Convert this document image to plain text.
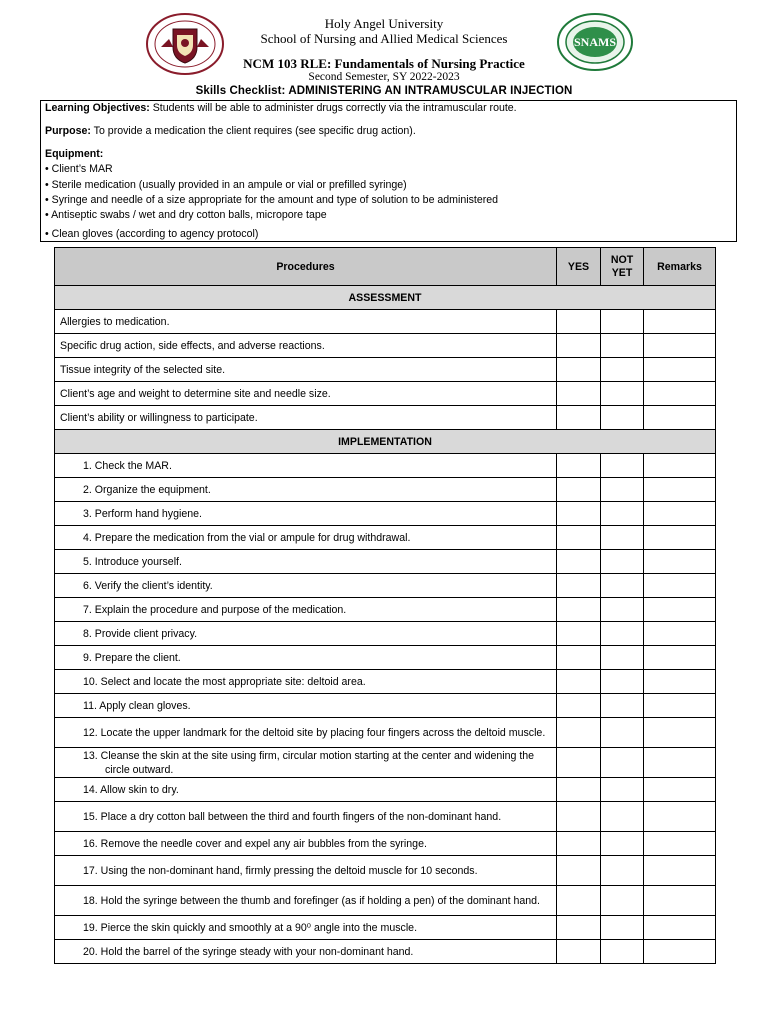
SNAMS
Holy Angel University
School of Nursing and Allied Medical Sciences
NCM 103 RLE: Fundamentals of Nursing Practice
Second Semester, SY 2022-2023
Skills Checklist: ADMINISTERING AN INTRAMUSCULAR INJECTION
Learning Objectives: Students will be able to administer drugs correctly via the intramuscular route.
Purpose: To provide a medication the client requires (see specific drug action).
Equipment:
• Client’s MAR
• Sterile medication (usually provided in an ampule or vial or prefilled syringe)
• Syringe and needle of a size appropriate for the amount and type of solution to be administered
• Antiseptic swabs / wet and dry cotton balls, micropore tape
• Clean gloves (according to agency protocol)
Procedures	YES	NOT YET	Remarks
ASSESSMENT			
Allergies to medication.			
Specific drug action, side effects, and adverse reactions.			
Tissue integrity of the selected site.			
Client’s age and weight to determine site and needle size.			
Client’s ability or willingness to participate.			
IMPLEMENTATION			

1. Check the MAR.			

2. Organize the equipment.			

3. Perform hand hygiene.			

4. Prepare the medication from the vial or ampule for drug withdrawal.			

5. Introduce yourself.			

6. Verify the client’s identity.			

7. Explain the procedure and purpose of the medication.			

8. Provide client privacy.			

9. Prepare the client.			

10. Select and locate the most appropriate site: deltoid area.			

11. Apply clean gloves.			

12. Locate the upper landmark for the deltoid site by placing four fingers across the deltoid muscle.			

13. Cleanse the skin at the site using firm, circular motion starting at the center and widening the circle outward.			

14. Allow skin to dry.			

15. Place a dry cotton ball between the third and fourth fingers of the non-dominant hand.			

16. Remove the needle cover and expel any air bubbles from the syringe.			

17. Using the non-dominant hand, firmly pressing the deltoid muscle for 10 seconds.			

18. Hold the syringe between the thumb and forefinger (as if holding a pen) of the dominant hand.			

19. Pierce the skin quickly and smoothly at a 90⁰ angle into the muscle.			

20. Hold the barrel of the syringe steady with your non-dominant hand.			
